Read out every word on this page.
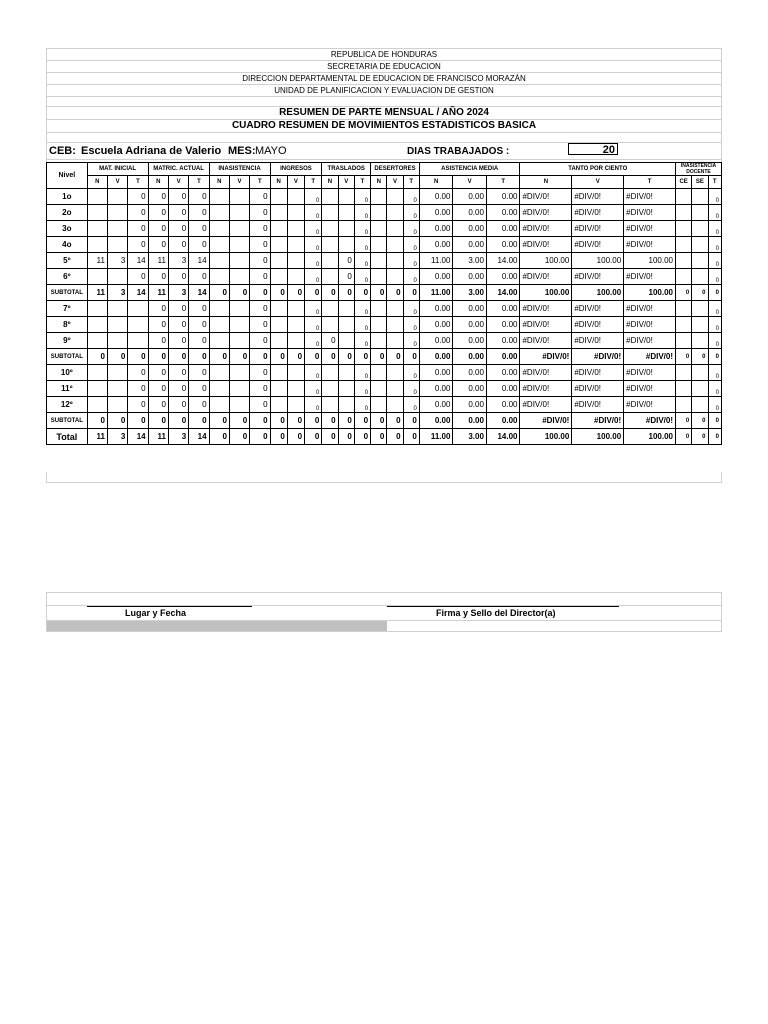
REPUBLICA DE HONDURAS
SECRETARIA DE EDUCACION
DIRECCION DEPARTAMENTAL DE EDUCACION DE FRANCISCO MORAZÁN
UNIDAD DE PLANIFICACION Y EVALUACION DE GESTION
RESUMEN DE PARTE MENSUAL / AÑO 2024
CUADRO RESUMEN DE MOVIMIENTOS ESTADISTICOS BASICA
CEB: Escuela Adriana de Valerio MES: MAYO	DIAS TRABAJADOS :	20
Nivel	MAT. INICIAL			MATRIC. ACTUAL			INASISTENCIA			INGRESOS			TRASLADOS			DESERTORES			ASISTENCIA MEDIA			TANTO POR CIENTO			INASISTENCIA DOCENTE		
	N	V	T	N	V	T	N	V	T	N	V	T	N	V	T	N	V	T	N	V	T	N	V	T	CE	SE	T
1o			0	0	0	0			0			0			0			0	0.00	0.00	0.00	#DIV/0!	#DIV/0!	#DIV/0!			0
2o			0	0	0	0			0			0			0			0	0.00	0.00	0.00	#DIV/0!	#DIV/0!	#DIV/0!			0
3o			0	0	0	0			0			0			0			0	0.00	0.00	0.00	#DIV/0!	#DIV/0!	#DIV/0!			0
4o			0	0	0	0			0			0			0			0	0.00	0.00	0.00	#DIV/0!	#DIV/0!	#DIV/0!			0
5º	11	3	14	11	3	14			0			0		0	0			0	11.00	3.00	14.00	100.00	100.00	100.00			0
6º			0	0	0	0			0			0		0	0			0	0.00	0.00	0.00	#DIV/0!	#DIV/0!	#DIV/0!			0
SUBTOTAL	11	3	14	11	3	14	0	0	0	0	0	0	0	0	0	0	0	0	11.00	3.00	14.00	100.00	100.00	100.00	0	0	0
7º				0	0	0			0			0			0			0	0.00	0.00	0.00	#DIV/0!	#DIV/0!	#DIV/0!			0
8º				0	0	0			0			0			0			0	0.00	0.00	0.00	#DIV/0!	#DIV/0!	#DIV/0!			0
9º				0	0	0			0			0	0		0			0	0.00	0.00	0.00	#DIV/0!	#DIV/0!	#DIV/0!			0
SUBTOTAL	0	0	0	0	0	0	0	0	0	0	0	0	0	0	0	0	0	0	0.00	0.00	0.00	#DIV/0!	#DIV/0!	#DIV/0!	0	0	0
10º			0	0	0	0			0			0			0			0	0.00	0.00	0.00	#DIV/0!	#DIV/0!	#DIV/0!			0
11º			0	0	0	0			0			0			0			0	0.00	0.00	0.00	#DIV/0!	#DIV/0!	#DIV/0!			0
12º			0	0	0	0			0			0			0			0	0.00	0.00	0.00	#DIV/0!	#DIV/0!	#DIV/0!			0
SUBTOTAL	0	0	0	0	0	0	0	0	0	0	0	0	0	0	0	0	0	0	0.00	0.00	0.00	#DIV/0!	#DIV/0!	#DIV/0!	0	0	0
Total	11	3	14	11	3	14	0	0	0	0	0	0	0	0	0	0	0	0	11.00	3.00	14.00	100.00	100.00	100.00	0	0	0
Lugar y Fecha	Firma y Sello del Director(a)
